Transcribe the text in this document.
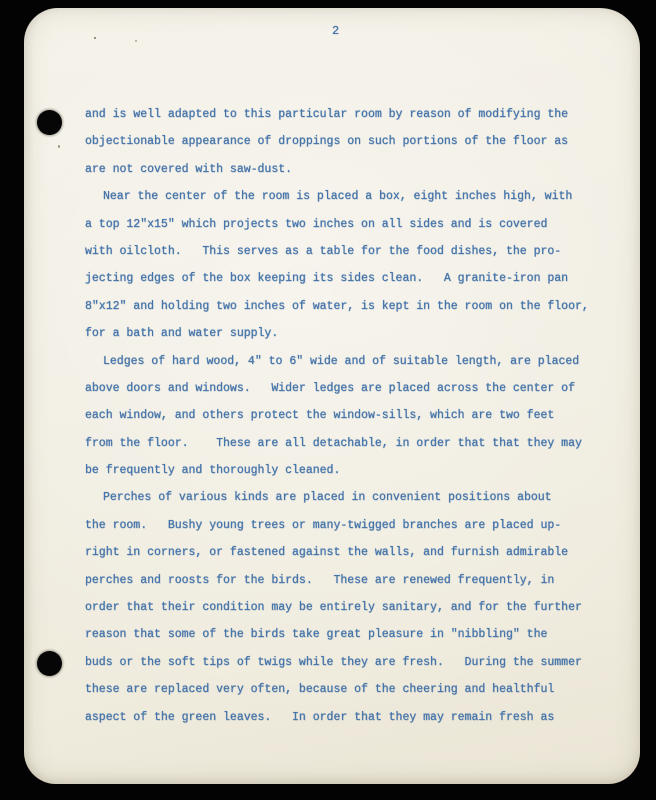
2
and is well adapted to this particular room by reason of modifying the
objectionable appearance of droppings on such portions of the floor as
are not covered with saw-dust.
Near the center of the room is placed a box, eight inches high, with
a top 12"x15" which projects two inches on all sides and is covered
with oilcloth.   This serves as a table for the food dishes, the pro-
jecting edges of the box keeping its sides clean.   A granite-iron pan
8"x12" and holding two inches of water, is kept in the room on the floor,
for a bath and water supply.
Ledges of hard wood, 4" to 6" wide and of suitable length, are placed
above doors and windows.   Wider ledges are placed across the center of
each window, and others protect the window-sills, which are two feet
from the floor.    These are all detachable, in order that that they may
be frequently and thoroughly cleaned.
Perches of various kinds are placed in convenient positions about
the room.   Bushy young trees or many-twigged branches are placed up-
right in corners, or fastened against the walls, and furnish admirable
perches and roosts for the birds.   These are renewed frequently, in
order that their condition may be entirely sanitary, and for the further
reason that some of the birds take great pleasure in "nibbling" the
buds or the soft tips of twigs while they are fresh.   During the summer
these are replaced very often, because of the cheering and healthful
aspect of the green leaves.   In order that they may remain fresh as
